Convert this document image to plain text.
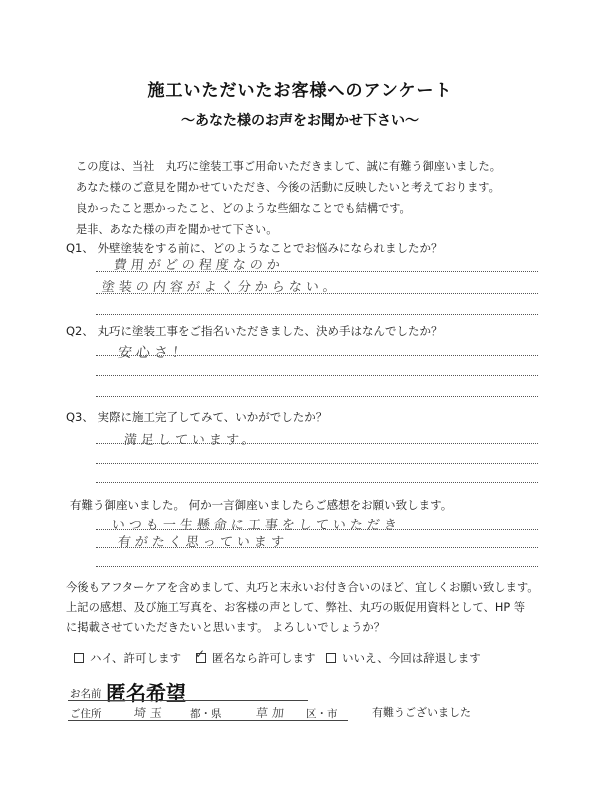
施工いただいたお客様へのアンケート
～あなた様のお声をお聞かせ下さい～
この度は、当社　丸巧に塗装工事ご用命いただきまして、誠に有難う御座いました。
あなた様のご意見を聞かせていただき、今後の活動に反映したいと考えております。
良かったこと悪かったこと、どのような些細なことでも結構です。
是非、あなた様の声を聞かせて下さい。
Q1、 外壁塗装をする前に、どのようなことでお悩みになられましたか？
費用がどの程度なのか
塗装の内容がよく分からない。
Q2、 丸巧に塗装工事をご指名いただきました、決め手はなんでしたか？
安心さ！
Q3、 実際に施工完了してみて、いかがでしたか？
満足しています。
有難う御座いました。 何か一言御座いましたらご感想をお願い致します。
いつも一生懸命に工事をしていただき
有がたく思っています
今後もアフターケアを含めまして、丸巧と末永いお付き合いのほど、宜しくお願い致します。
上記の感想、及び施工写真を、お客様の声として、弊社、丸巧の販促用資料として、HP 等
に掲載させていただきたいと思います。 よろしいでしょうか？
ハイ、許可します ✓ 匿名なら許可します いいえ、今回は辞退します
お名前 匿名希望
ご住所	埼玉 都・県	草加 区・市	有難うございました
